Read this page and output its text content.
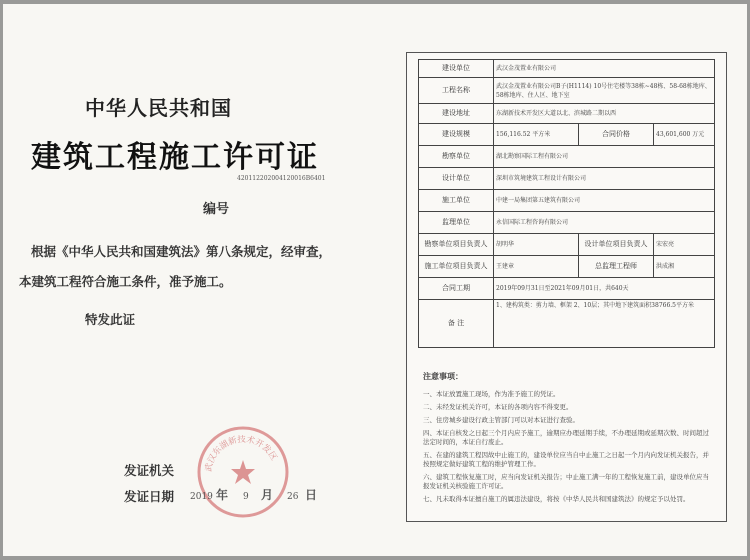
中华人民共和国
建筑工程施工许可证
420112202004120016B6401
编号
根据《中华人民共和国建筑法》第八条规定，经审查，
本建筑工程符合施工条件，准予施工。
特发此证
武汉东湖新技术开发区
发证机关
发证日期 2019 年 9 月 26 日
建设单位	武汉金茂置业有限公司		
工程名称	武汉金茂置业有限公司B子(H1114) 10号住宅楼等38栋~48栋、58-68栋地库、58栋地库、住人区、地下室		
建设地址	东湖新技术开发区大道以北、滨城路二期以西		
建设规模	156,116.52 平方米	合同价格	43,601,600 万元
勘察单位	湖北勘察国际工程有限公司		
设计单位	深圳市筑境建筑工程设计有限公司		
施工单位	中建一局集团第五建筑有限公司		
监理单位	永信国际工程咨询有限公司		
勘察单位项目负责人	胡明华	设计单位项目负责人	宋宏亮
施工单位项目负责人	王建章	总监理工程师	洪成湘
合同工期	2019年09月31日至2021年09月01日，共640天		
备 注	1、建构筑类：剪力墙、框架 2、10层；其中地下建筑面积38766.5平方米		
注意事项：
一、本证放置施工现场，作为准予施工的凭证。
二、未经发证机关许可，本证的各项内容不得变更。
三、住房城乡建设行政主管部门可以对本证进行查验。
四、本证自核发之日起三个月内应予施工，逾期应办理延期手续，不办理延期或延期次数、时间超过法定时间的，本证自行废止。
五、在建的建筑工程因故中止施工的，建设单位应当自中止施工之日起一个月内向发证机关报告，并按照规定做好建筑工程的维护管理工作。
六、建筑工程恢复施工时，应当向发证机关报告；中止施工满一年的工程恢复施工前，建设单位应当报发证机关核验施工许可证。
七、凡未取得本证擅自施工的属违法建设，将按《中华人民共和国建筑法》的规定予以处罚。
